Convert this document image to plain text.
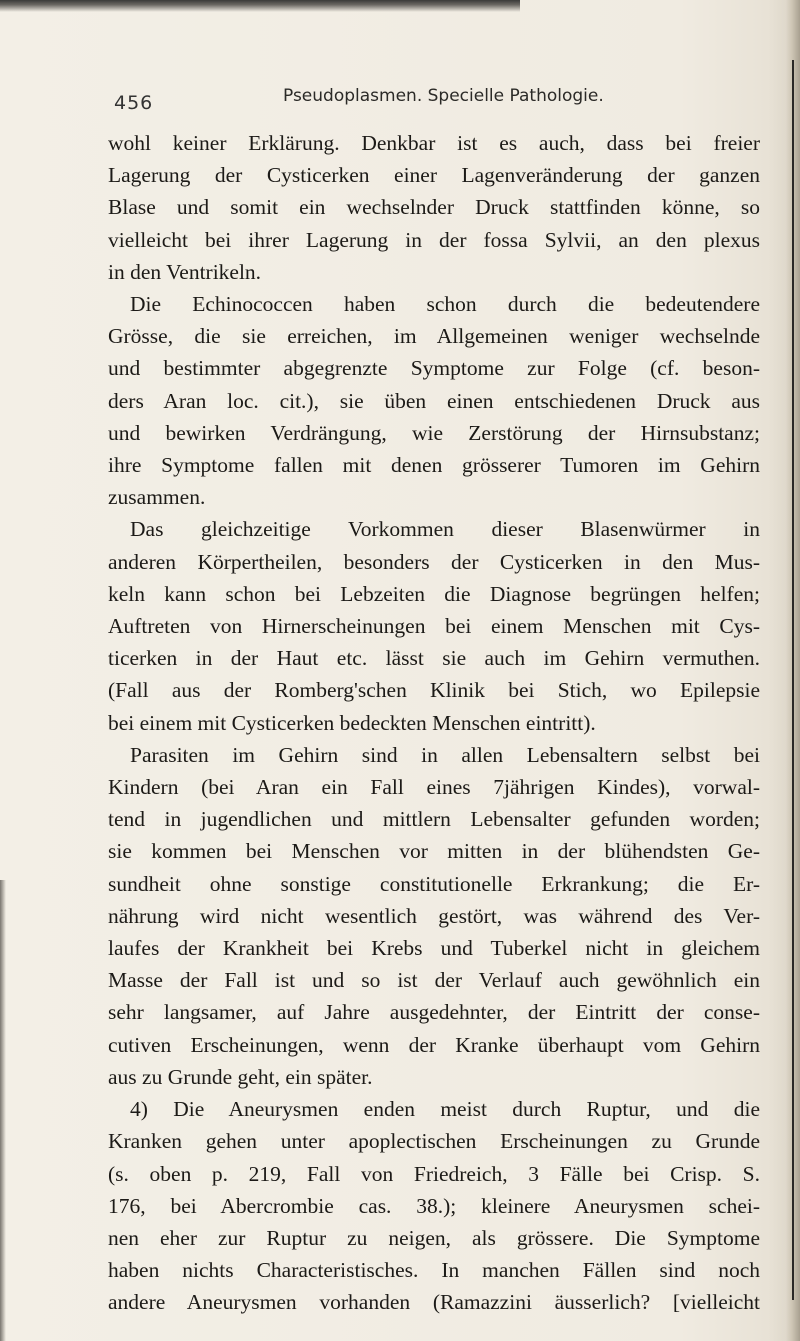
456	Pseudoplasmen. Specielle Pathologie.
wohl keiner Erklärung. Denkbar ist es auch, dass bei freier
Lagerung der Cysticerken einer Lagenveränderung der ganzen
Blase und somit ein wechselnder Druck stattfinden könne, so
vielleicht bei ihrer Lagerung in der fossa Sylvii, an den plexus
in den Ventrikeln.
Die Echinococcen haben schon durch die bedeutendere
Grösse, die sie erreichen, im Allgemeinen weniger wechselnde
und bestimmter abgegrenzte Symptome zur Folge (cf. beson-
ders Aran loc. cit.), sie üben einen entschiedenen Druck aus
und bewirken Verdrängung, wie Zerstörung der Hirnsubstanz;
ihre Symptome fallen mit denen grösserer Tumoren im Gehirn
zusammen.
Das gleichzeitige Vorkommen dieser Blasenwürmer in
anderen Körpertheilen, besonders der Cysticerken in den Mus-
keln kann schon bei Lebzeiten die Diagnose begrüngen helfen;
Auftreten von Hirnerscheinungen bei einem Menschen mit Cys-
ticerken in der Haut etc. lässt sie auch im Gehirn vermuthen.
(Fall aus der Romberg'schen Klinik bei Stich, wo Epilepsie
bei einem mit Cysticerken bedeckten Menschen eintritt).
Parasiten im Gehirn sind in allen Lebensaltern selbst bei
Kindern (bei Aran ein Fall eines 7jährigen Kindes), vorwal-
tend in jugendlichen und mittlern Lebensalter gefunden worden;
sie kommen bei Menschen vor mitten in der blühendsten Ge-
sundheit ohne sonstige constitutionelle Erkrankung; die Er-
nährung wird nicht wesentlich gestört, was während des Ver-
laufes der Krankheit bei Krebs und Tuberkel nicht in gleichem
Masse der Fall ist und so ist der Verlauf auch gewöhnlich ein
sehr langsamer, auf Jahre ausgedehnter, der Eintritt der conse-
cutiven Erscheinungen, wenn der Kranke überhaupt vom Gehirn
aus zu Grunde geht, ein später.
4) Die Aneurysmen enden meist durch Ruptur, und die
Kranken gehen unter apoplectischen Erscheinungen zu Grunde
(s. oben p. 219, Fall von Friedreich, 3 Fälle bei Crisp. S.
176, bei Abercrombie cas. 38.); kleinere Aneurysmen schei-
nen eher zur Ruptur zu neigen, als grössere. Die Symptome
haben nichts Characteristisches. In manchen Fällen sind noch
andere Aneurysmen vorhanden (Ramazzini äusserlich? [vielleicht
